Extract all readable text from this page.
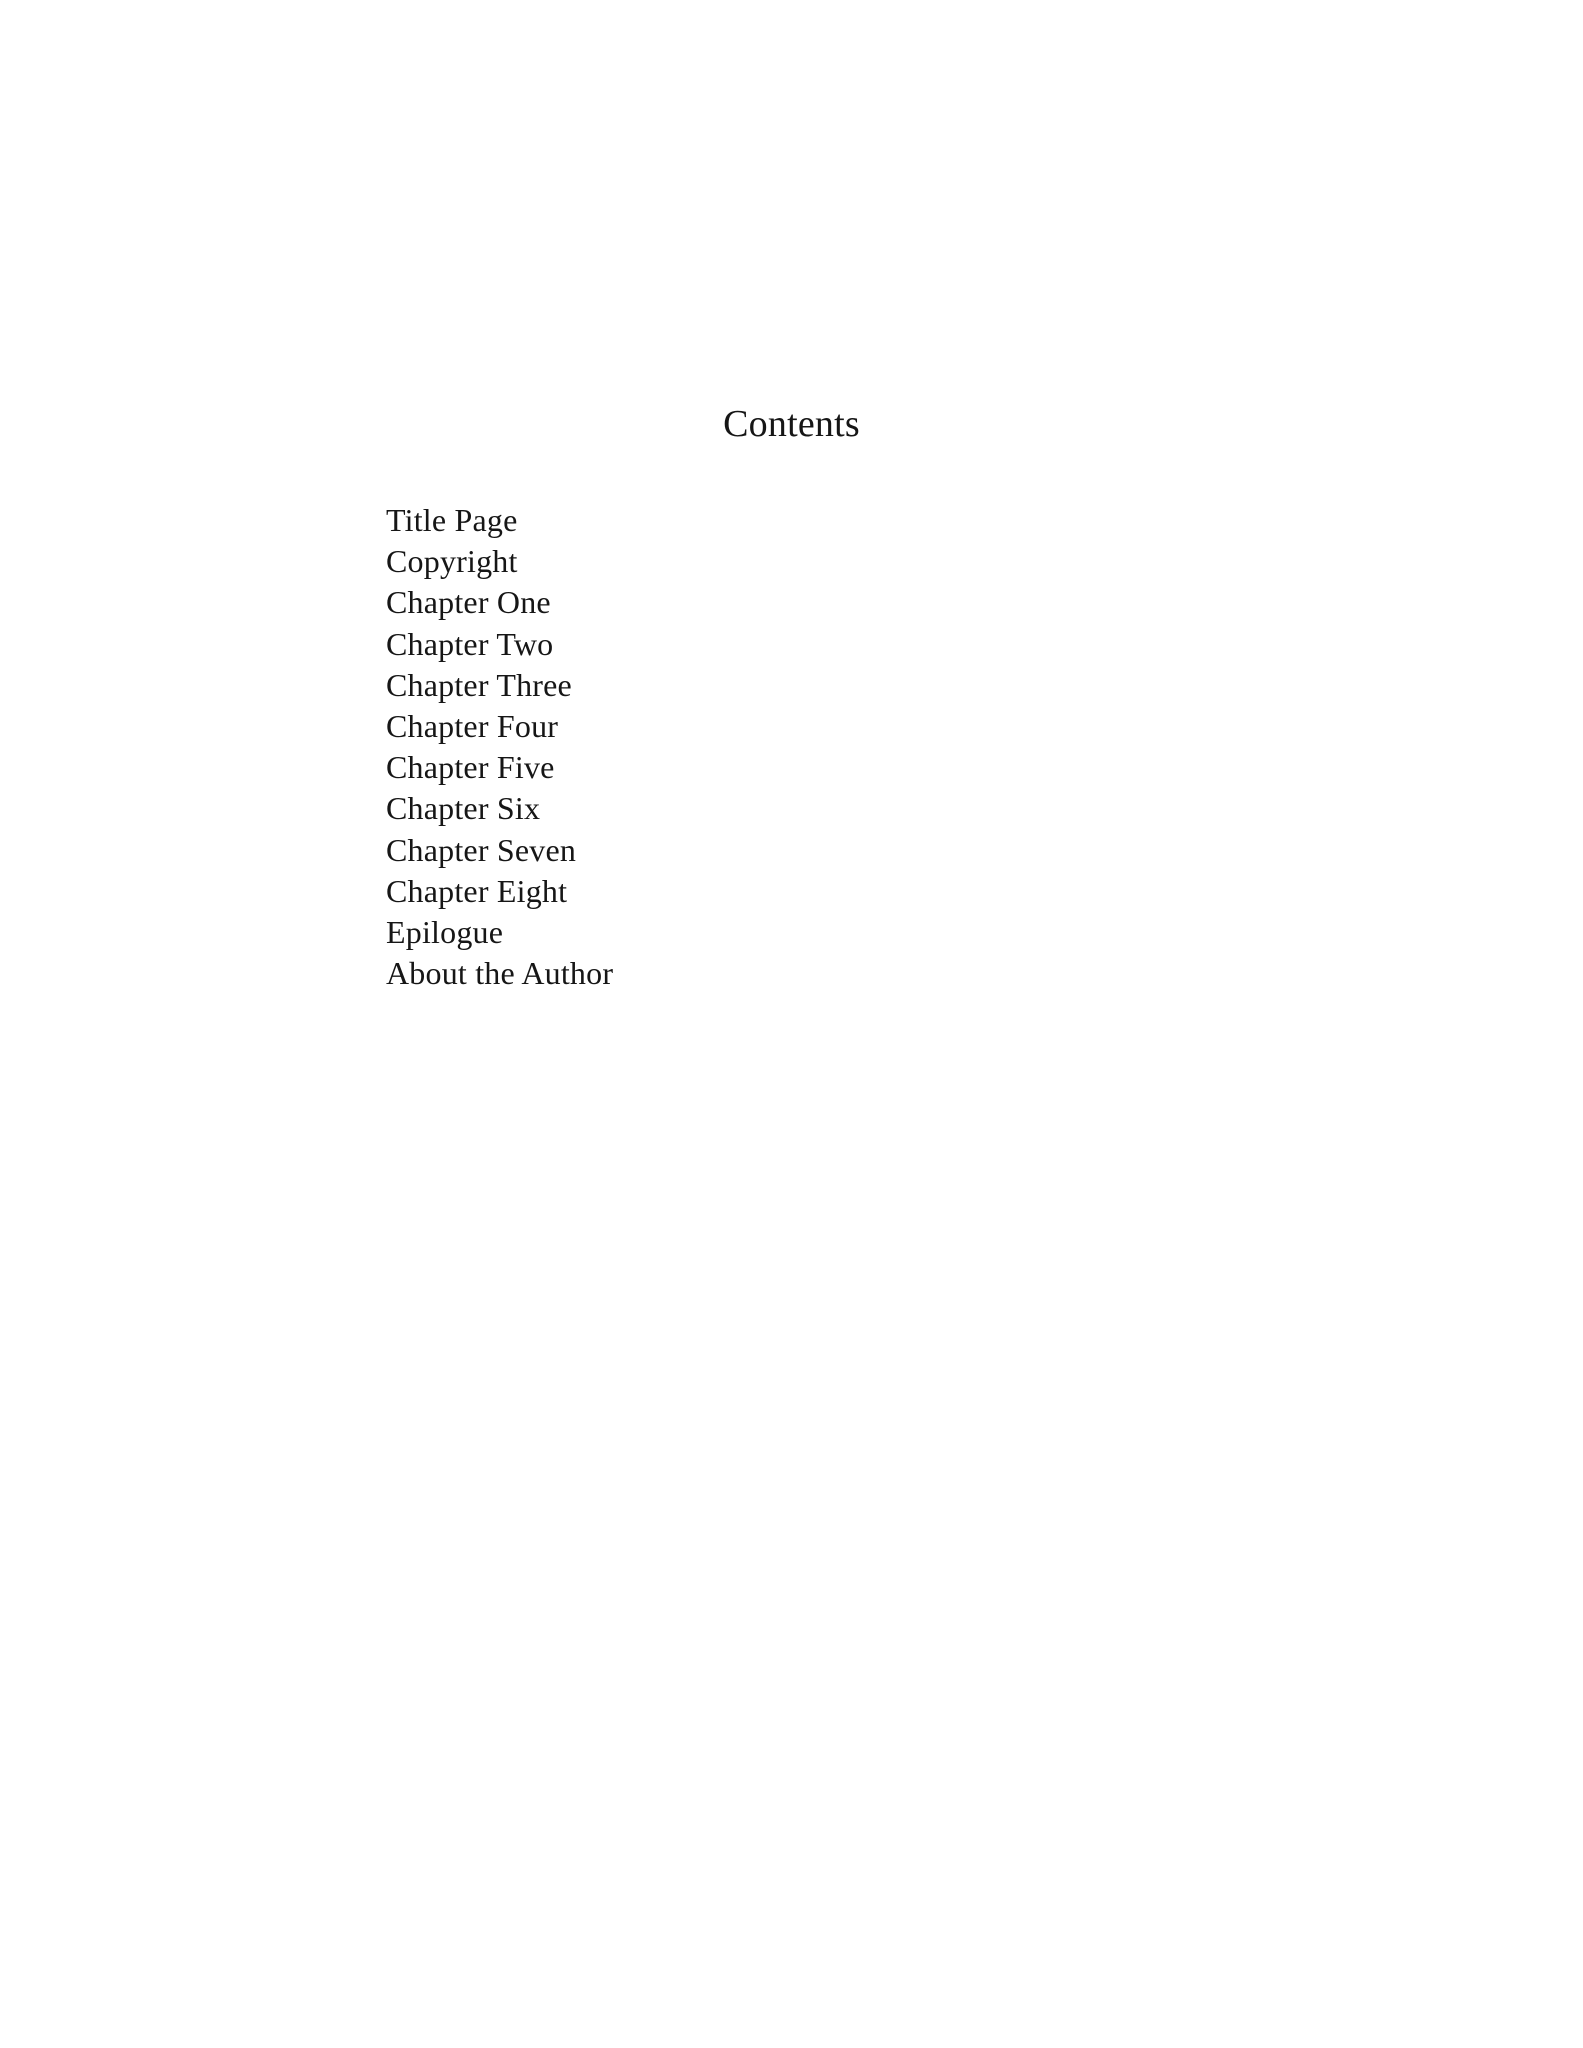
Contents
Title Page
Copyright
Chapter One
Chapter Two
Chapter Three
Chapter Four
Chapter Five
Chapter Six
Chapter Seven
Chapter Eight
Epilogue
About the Author
